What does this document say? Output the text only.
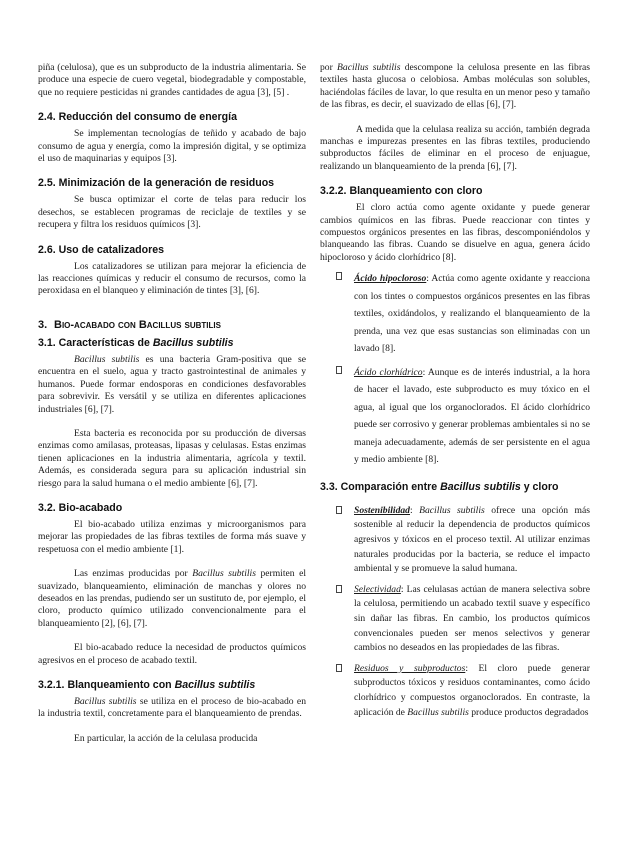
piña (celulosa), que es un subproducto de la industria alimentaria. Se produce una especie de cuero vegetal, biodegradable y compostable, que no requiere pesticidas ni grandes cantidades de agua [3], [5] .

2.4. Reducción del consumo de energía

Se implementan tecnologías de teñido y acabado de bajo consumo de agua y energía, como la impresión digital, y se optimiza el uso de maquinarias y equipos [3].

2.5. Minimización de la generación de residuos

Se busca optimizar el corte de telas para reducir los desechos, se establecen programas de reciclaje de textiles y se recupera y filtra los residuos químicos [3].

2.6. Uso de catalizadores

Los catalizadores se utilizan para mejorar la eficiencia de las reacciones químicas y reducir el consumo de recursos, como la peroxidasa en el blanqueo y eliminación de tintes [3], [6].

3. Bio-acabado con Bacillus subtilis
3.1. Características de Bacillus subtilis

Bacillus subtilis es una bacteria Gram-positiva que se encuentra en el suelo, agua y tracto gastrointestinal de animales y humanos. Puede formar endosporas en condiciones desfavorables para sobrevivir. Es versátil y se utiliza en diferentes aplicaciones industriales [6], [7].

Esta bacteria es reconocida por su producción de diversas enzimas como amilasas, proteasas, lipasas y celulasas. Estas enzimas tienen aplicaciones en la industria alimentaria, agrícola y textil. Además, es considerada segura para su aplicación industrial sin riesgo para la salud humana o el medio ambiente [6], [7].

3.2. Bio-acabado

El bio-acabado utiliza enzimas y microorganismos para mejorar las propiedades de las fibras textiles de forma más suave y respetuosa con el medio ambiente [1].

Las enzimas producidas por Bacillus subtilis permiten el suavizado, blanqueamiento, eliminación de manchas y olores no deseados en las prendas, pudiendo ser un sustituto de, por ejemplo, el cloro, producto químico utilizado convencionalmente para el blanqueamiento [2], [6], [7].

El bio-acabado reduce la necesidad de productos químicos agresivos en el proceso de acabado textil.

3.2.1. Blanqueamiento con Bacillus subtilis

Bacillus subtilis se utiliza en el proceso de bio-acabado en la industria textil, concretamente para el blanqueamiento de prendas.

En particular, la acción de la celulasa producida

por Bacillus subtilis descompone la celulosa presente en las fibras textiles hasta glucosa o celobiosa. Ambas moléculas son solubles, haciéndolas fáciles de lavar, lo que resulta en un menor peso y tamaño de las fibras, es decir, el suavizado de ellas [6], [7].

A medida que la celulasa realiza su acción, también degrada manchas e impurezas presentes en las fibras textiles, produciendo subproductos fáciles de eliminar en el proceso de enjuague, realizando un blanqueamiento de la prenda [6], [7].

3.2.2. Blanqueamiento con cloro

El cloro actúa como agente oxidante y puede generar cambios químicos en las fibras. Puede reaccionar con tintes y compuestos orgánicos presentes en las fibras, descomponiéndolos y blanqueando las fibras. Cuando se disuelve en agua, genera ácido hipocloroso y ácido clorhídrico [8].

Ácido hipocloroso: Actúa como agente oxidante y reacciona con los tintes o compuestos orgánicos presentes en las fibras textiles, oxidándolos, y realizando el blanqueamiento de la prenda, una vez que esas sustancias son eliminadas con un lavado [8].

Ácido clorhídrico: Aunque es de interés industrial, a la hora de hacer el lavado, este subproducto es muy tóxico en el agua, al igual que los organoclorados. El ácido clorhídrico puede ser corrosivo y generar problemas ambientales si no se maneja adecuadamente, además de ser persistente en el agua y medio ambiente [8].

3.3. Comparación entre Bacillus subtilis y cloro

Sostenibilidad: Bacillus subtilis ofrece una opción más sostenible al reducir la dependencia de productos químicos agresivos y tóxicos en el proceso textil. Al utilizar enzimas naturales producidas por la bacteria, se reduce el impacto ambiental y se promueve la salud humana.

Selectividad: Las celulasas actúan de manera selectiva sobre la celulosa, permitiendo un acabado textil suave y específico sin dañar las fibras. En cambio, los productos químicos convencionales pueden ser menos selectivos y generar cambios no deseados en las propiedades de las fibras.

Residuos y subproductos: El cloro puede generar subproductos tóxicos y residuos contaminantes, como ácido clorhídrico y compuestos organoclorados. En contraste, la aplicación de Bacillus subtilis produce productos degradados
